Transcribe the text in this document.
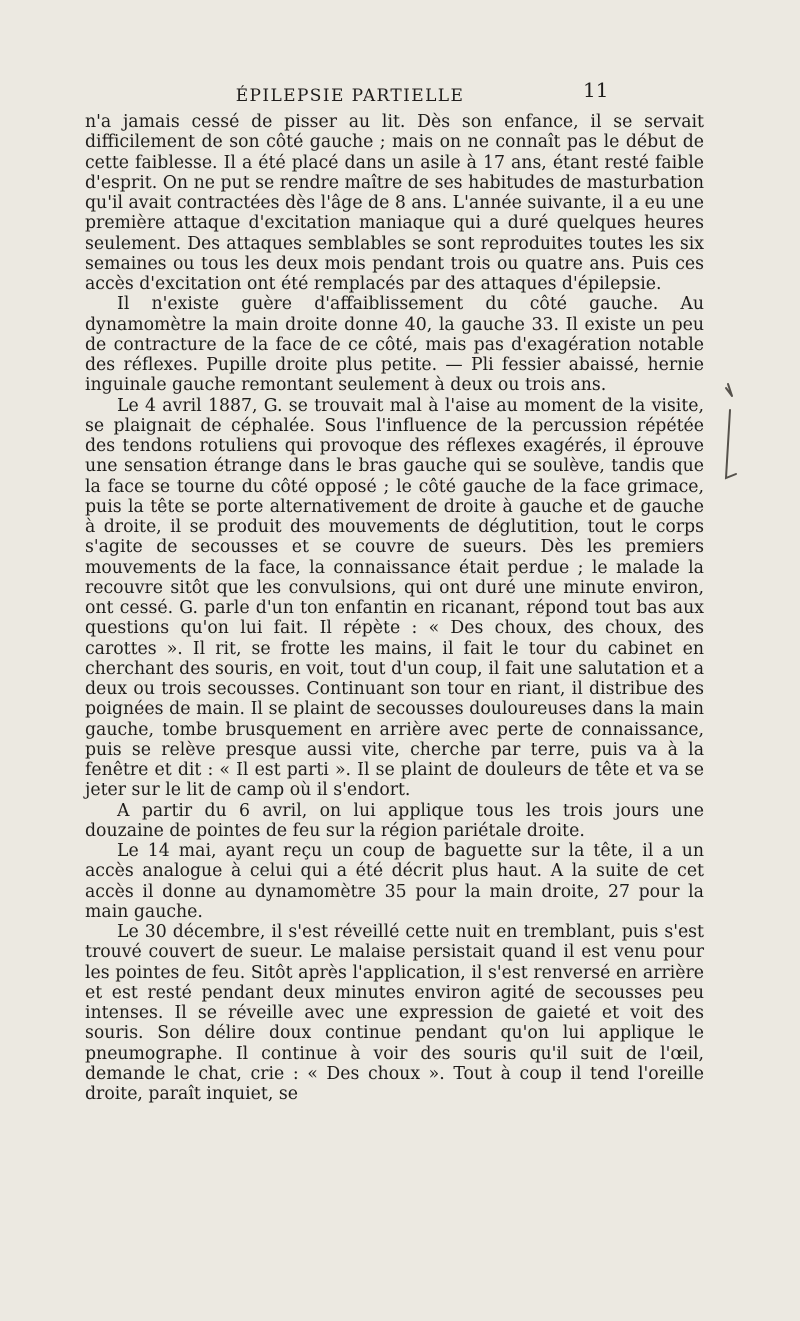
ÉPILEPSIE PARTIELLE	11

n'a jamais cessé de pisser au lit. Dès son enfance, il se servait difficilement de son côté gauche ; mais on ne connaît pas le début de cette faiblesse. Il a été placé dans un asile à 17 ans, étant resté faible d'esprit. On ne put se rendre maître de ses habitudes de masturbation qu'il avait contractées dès l'âge de 8 ans. L'année suivante, il a eu une première attaque d'excitation maniaque qui a duré quelques heures seulement. Des attaques semblables se sont reproduites toutes les six semaines ou tous les deux mois pendant trois ou quatre ans. Puis ces accès d'excitation ont été remplacés par des attaques d'épilepsie.

Il n'existe guère d'affaiblissement du côté gauche. Au dynamomètre la main droite donne 40, la gauche 33. Il existe un peu de contracture de la face de ce côté, mais pas d'exagération notable des réflexes. Pupille droite plus petite. — Pli fessier abaissé, hernie inguinale gauche remontant seulement à deux ou trois ans.

Le 4 avril 1887, G. se trouvait mal à l'aise au moment de la visite, se plaignait de céphalée. Sous l'influence de la percussion répétée des tendons rotuliens qui provoque des réflexes exagérés, il éprouve une sensation étrange dans le bras gauche qui se soulève, tandis que la face se tourne du côté opposé ; le côté gauche de la face grimace, puis la tête se porte alternativement de droite à gauche et de gauche à droite, il se produit des mouvements de déglutition, tout le corps s'agite de secousses et se couvre de sueurs. Dès les premiers mouvements de la face, la connaissance était perdue ; le malade la recouvre sitôt que les convulsions, qui ont duré une minute environ, ont cessé. G. parle d'un ton enfantin en ricanant, répond tout bas aux questions qu'on lui fait. Il répète : « Des choux, des choux, des carottes ». Il rit, se frotte les mains, il fait le tour du cabinet en cherchant des souris, en voit, tout d'un coup, il fait une salutation et a deux ou trois secousses. Continuant son tour en riant, il distribue des poignées de main. Il se plaint de secousses douloureuses dans la main gauche, tombe brusquement en arrière avec perte de connaissance, puis se relève presque aussi vite, cherche par terre, puis va à la fenêtre et dit : « Il est parti ». Il se plaint de douleurs de tête et va se jeter sur le lit de camp où il s'endort.

A partir du 6 avril, on lui applique tous les trois jours une douzaine de pointes de feu sur la région pariétale droite.

Le 14 mai, ayant reçu un coup de baguette sur la tête, il a un accès analogue à celui qui a été décrit plus haut. A la suite de cet accès il donne au dynamomètre 35 pour la main droite, 27 pour la main gauche.

Le 30 décembre, il s'est réveillé cette nuit en tremblant, puis s'est trouvé couvert de sueur. Le malaise persistait quand il est venu pour les pointes de feu. Sitôt après l'application, il s'est renversé en arrière et est resté pendant deux minutes environ agité de secousses peu intenses. Il se réveille avec une expression de gaieté et voit des souris. Son délire doux continue pendant qu'on lui applique le pneumographe. Il continue à voir des souris qu'il suit de l'œil, demande le chat, crie : « Des choux ». Tout à coup il tend l'oreille droite, paraît inquiet, se
